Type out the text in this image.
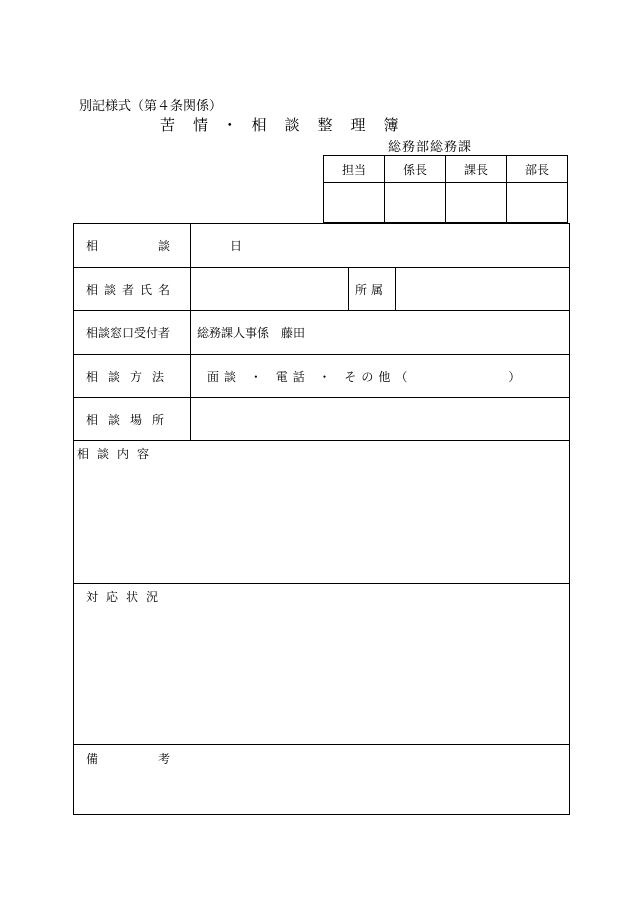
別記様式（第４条関係）
苦情･相談整理簿
総務部総務課
担当	係長	課長	部長

相　談　日			
相談者氏名		所属	
相談窓口受付者	総務課人事係　藤田		
相談方法	面談 ・ 電話 ・ その他（ ）		
相談場所			
相談内容			
対応状況			
備 考			
